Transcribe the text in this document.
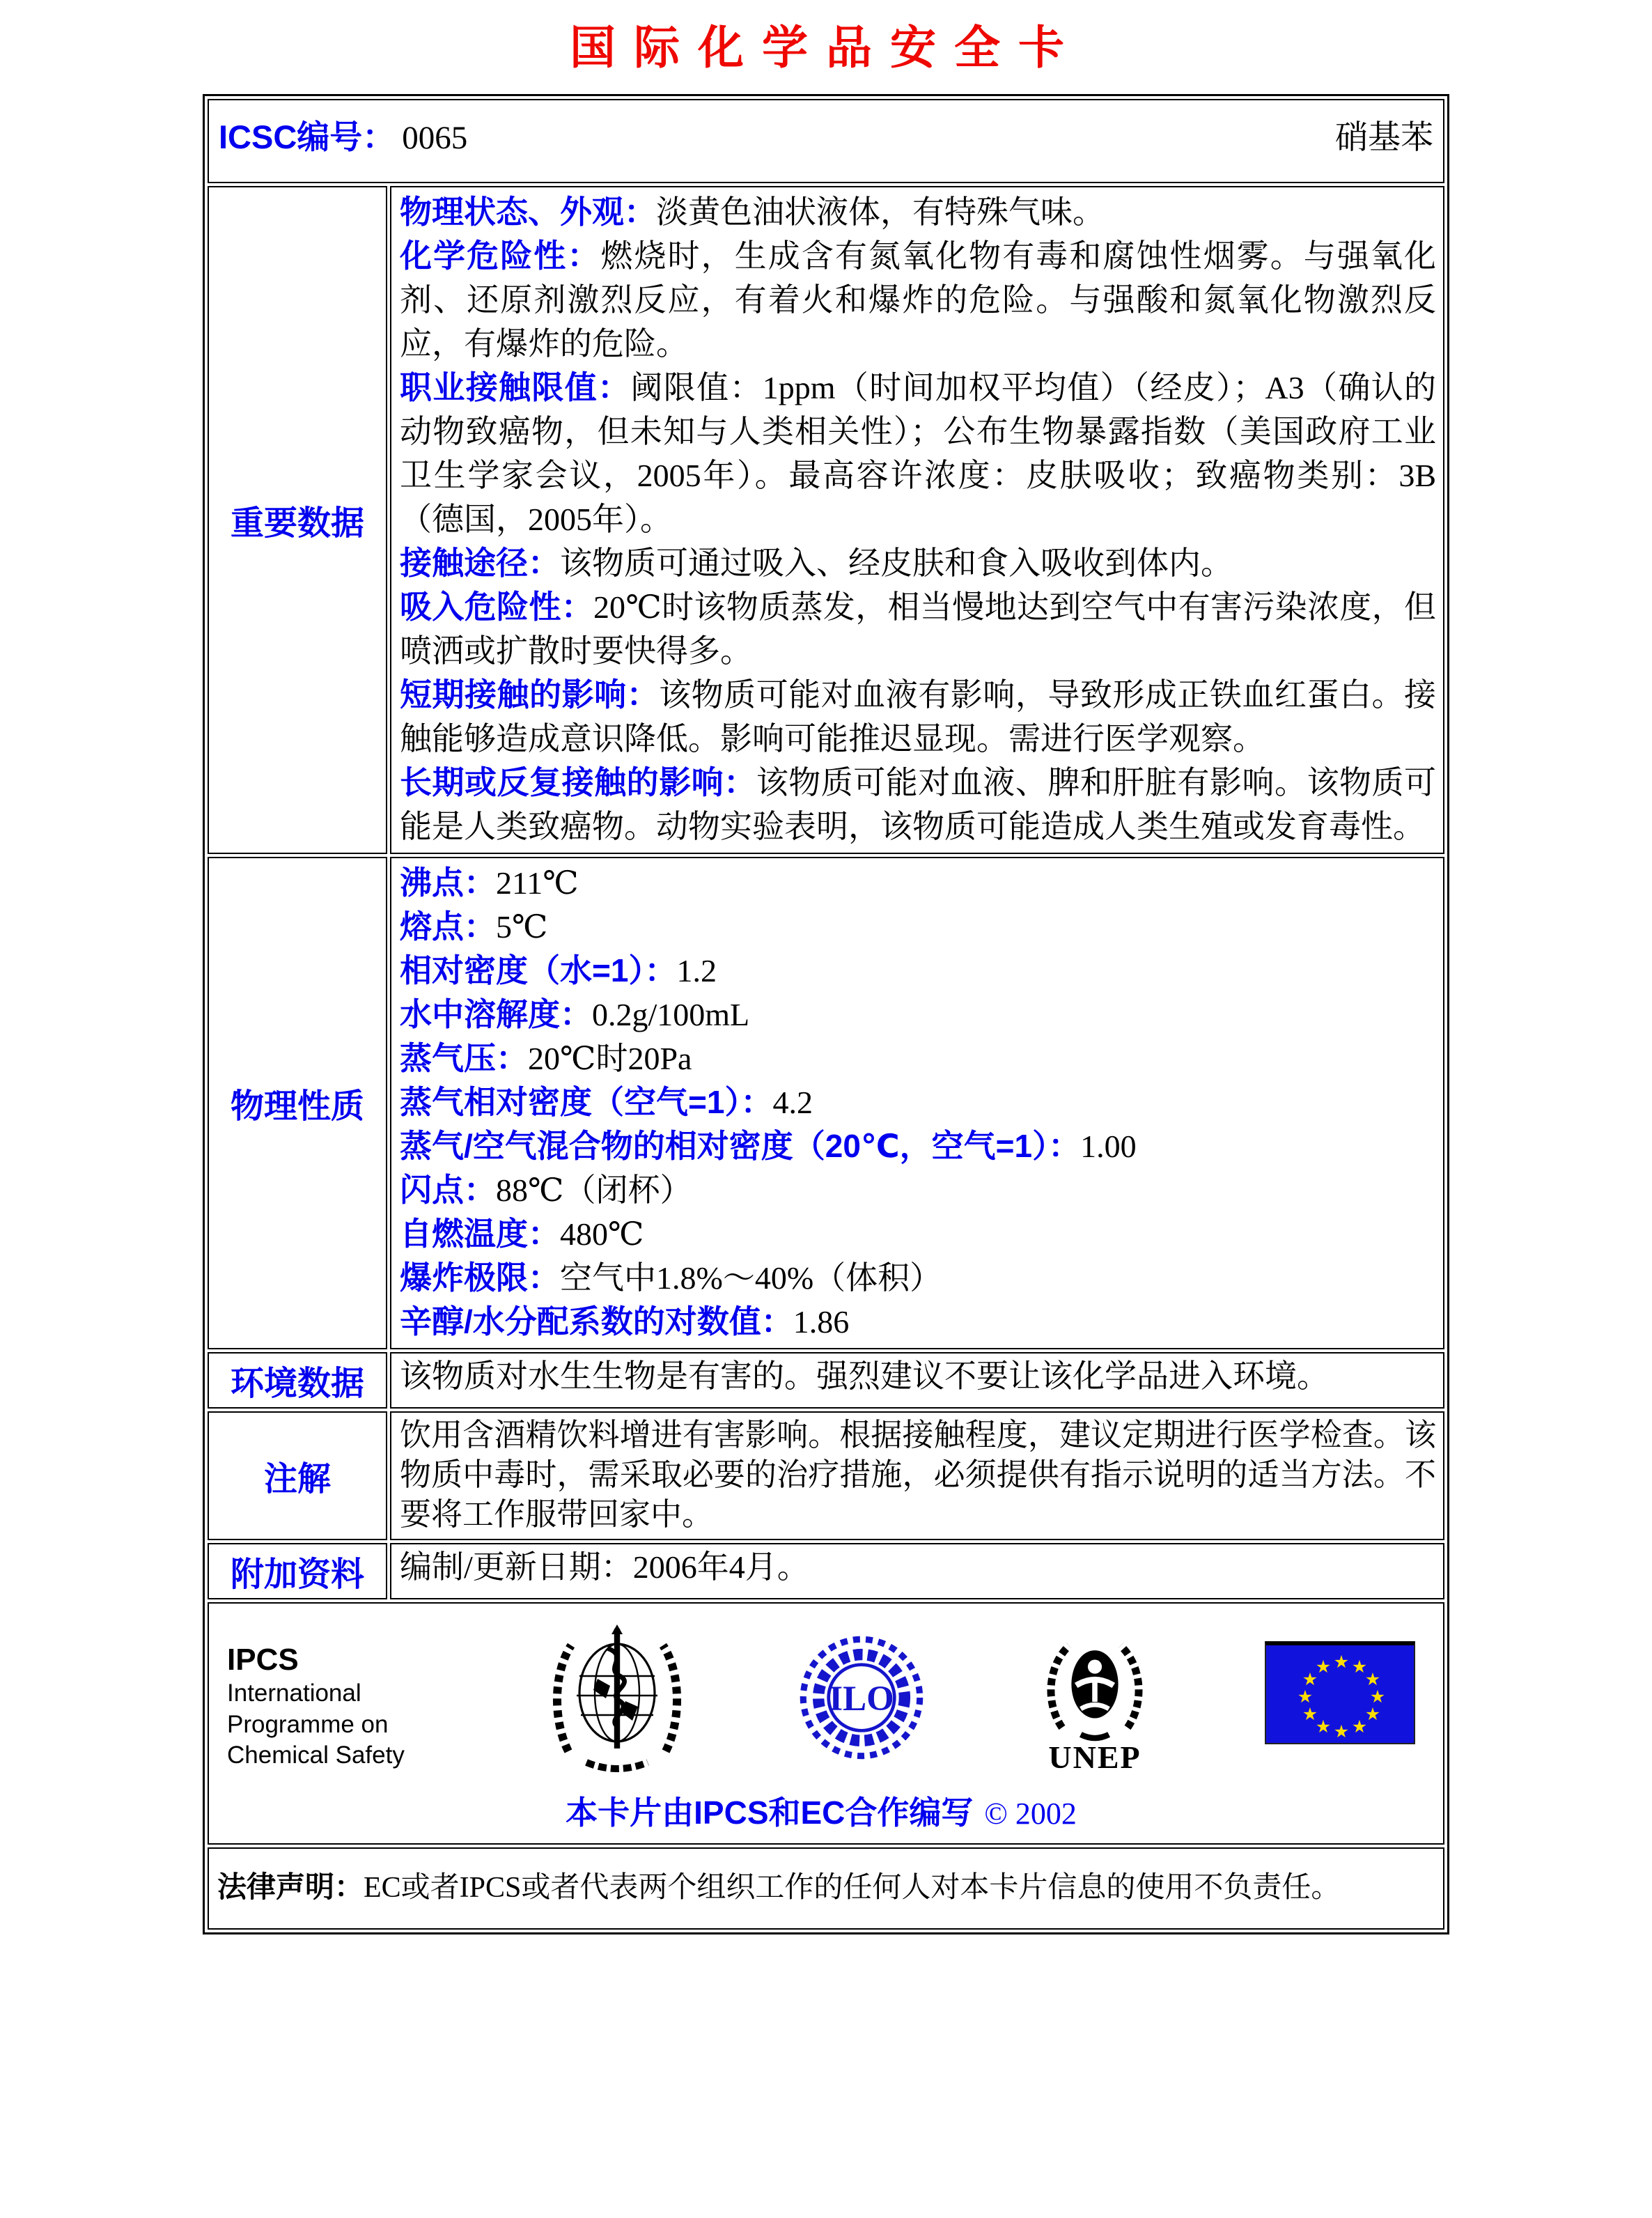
国际化学品安全卡
ICSC编号： 0065 硝基苯	

重要数据	

物理状态、外观：淡黄色油状液体，有特殊气味。

化学危险性：燃烧时，生成含有氮氧化物有毒和腐蚀性烟雾。与强氧化剂、还原剂激烈反应，有着火和爆炸的危险。与强酸和氮氧化物激烈反应，有爆炸的危险。

职业接触限值：阈限值：1ppm（时间加权平均值）（经皮）；A3（确认的动物致癌物，但未知与人类相关性）；公布生物暴露指数（美国政府工业卫生学家会议，2005年）。最高容许浓度：皮肤吸收；致癌物类别：3B（德国，2005年）。

接触途径：该物质可通过吸入、经皮肤和食入吸收到体内。

吸入危险性：20℃时该物质蒸发，相当慢地达到空气中有害污染浓度，但喷洒或扩散时要快得多。

短期接触的影响：该物质可能对血液有影响，导致形成正铁血红蛋白。接触能够造成意识降低。影响可能推迟显现。需进行医学观察。

长期或反复接触的影响：该物质可能对血液、脾和肝脏有影响。该物质可能是人类致癌物。动物实验表明，该物质可能造成人类生殖或发育毒性。

物理性质	

沸点：211℃

熔点：5℃

相对密度（水=1）：1.2

水中溶解度：0.2g/100mL

蒸气压：20℃时20Pa

蒸气相对密度（空气=1）：4.2

蒸气/空气混合物的相对密度（20℃，空气=1）：1.00

闪点：88℃（闭杯）

自燃温度：480℃

爆炸极限：空气中1.8%～40%（体积）

辛醇/水分配系数的对数值：1.86

环境数据	该物质对水生生物是有害的。强烈建议不要让该化学品进入环境。

注解	饮用含酒精饮料增进有害影响。根据接触程度，建议定期进行医学检查。该物质中毒时，需采取必要的治疗措施，必须提供有指示说明的适当方法。不要将工作服带回家中。

附加资料	编制/更新日期：2006年4月。

IPCS
International
Programme on
Chemical Safety
ILO
UNEP
本卡片由IPCS和EC合作编写 © 2002

法律声明：EC或者IPCS或者代表两个组织工作的任何人对本卡片信息的使用不负责任。	
